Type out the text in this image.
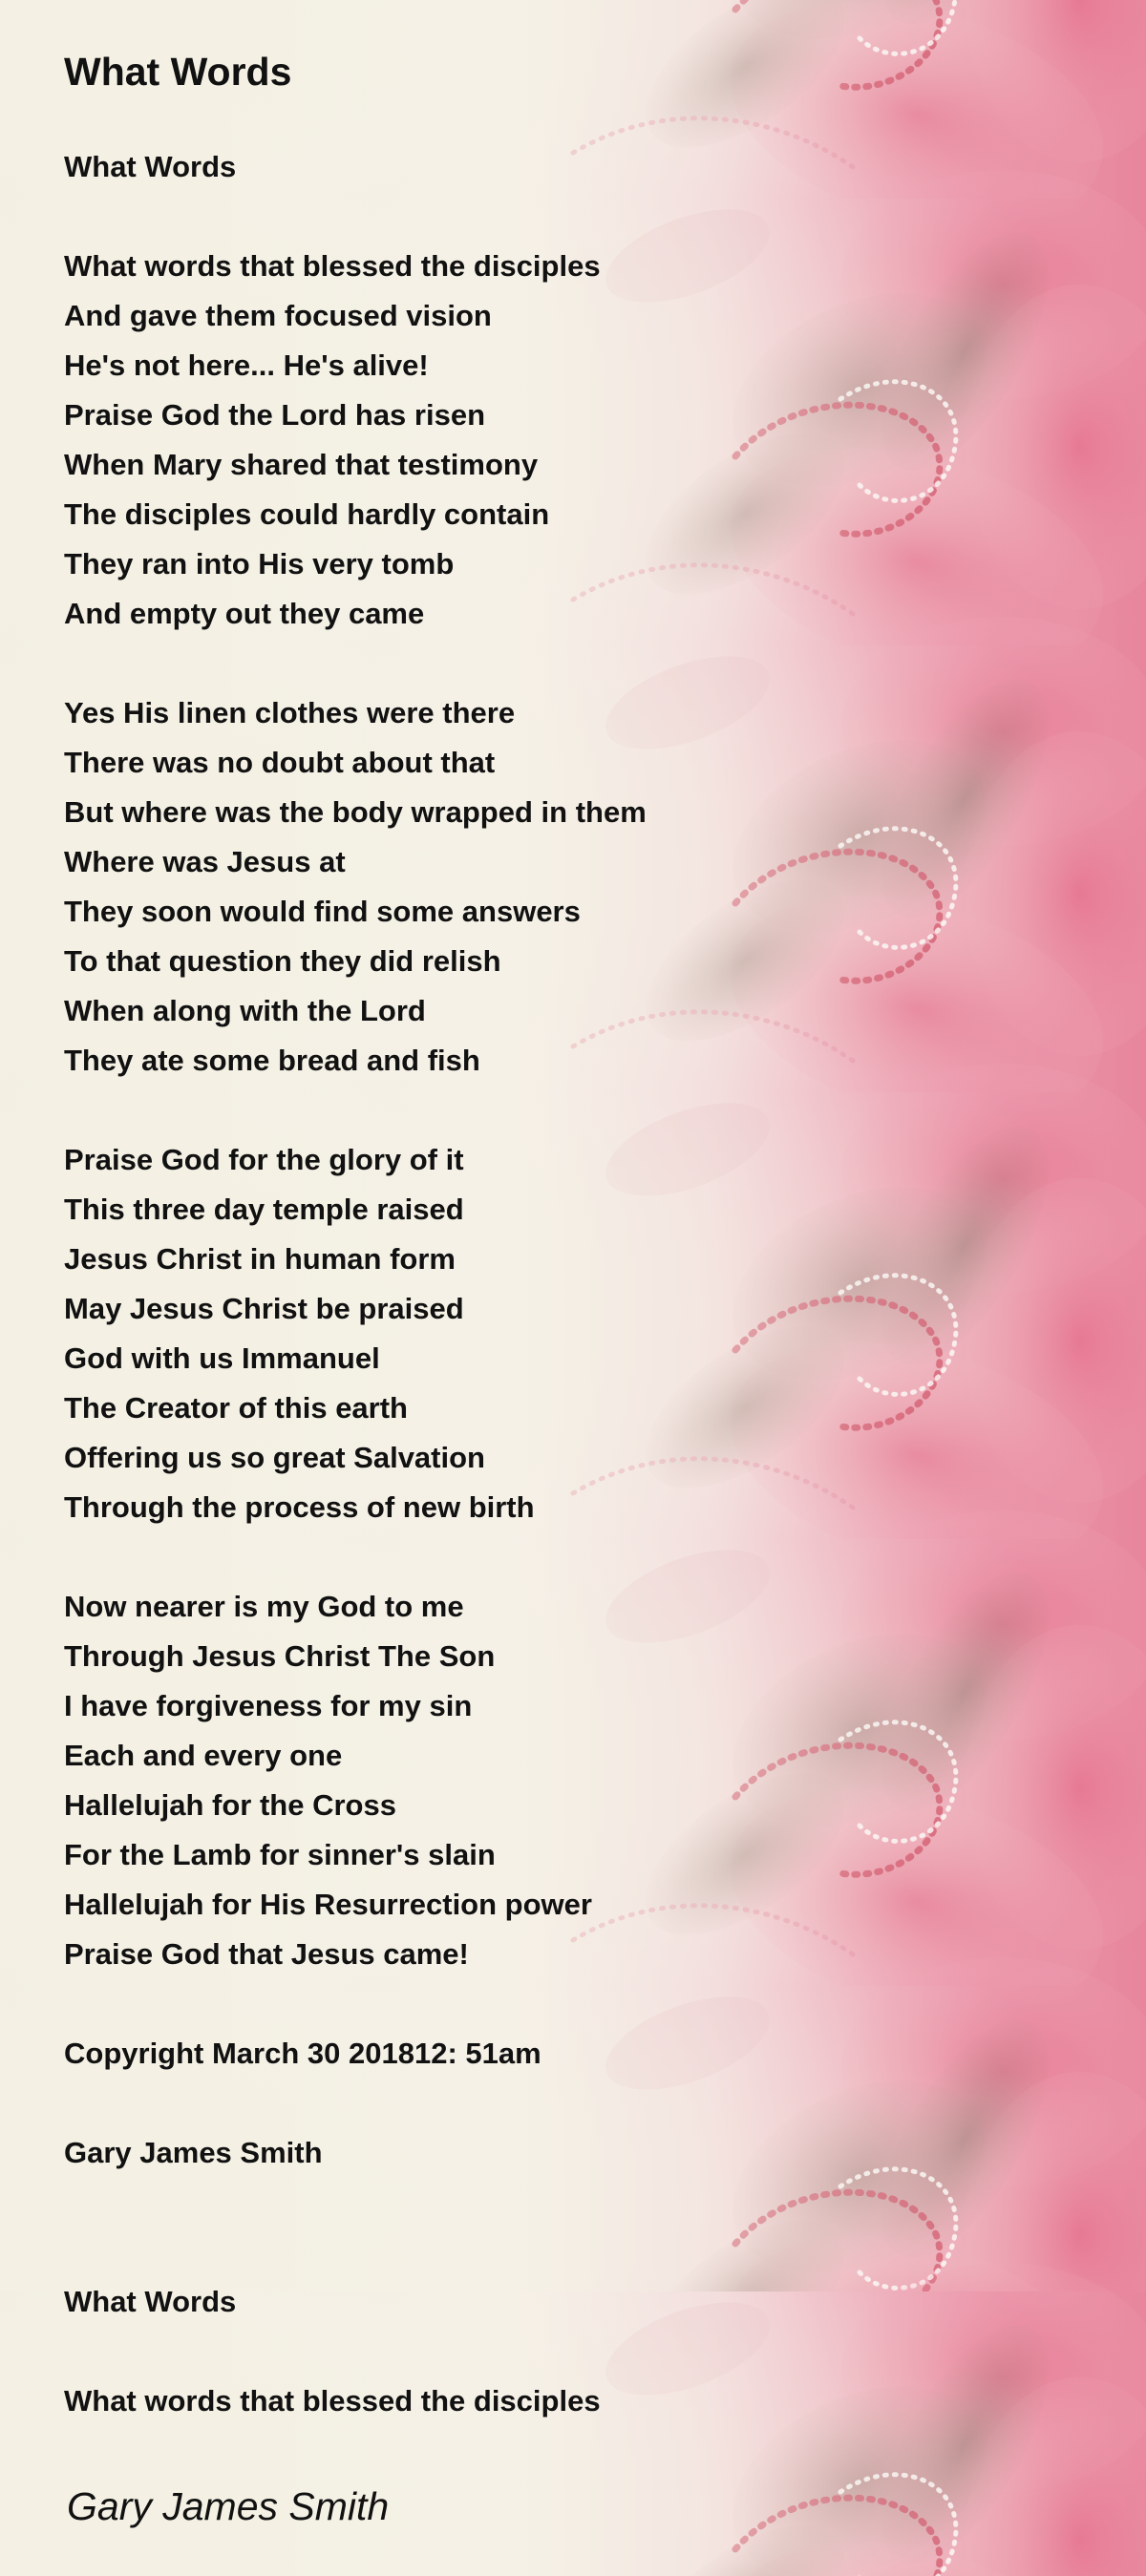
What Words

What Words

What words that blessed the disciples

And gave them focused vision

He's not here... He's alive!

Praise God the Lord has risen

When Mary shared that testimony

The disciples could hardly contain

They ran into His very tomb

And empty out they came

Yes His linen clothes were there

There was no doubt about that

But where was the body wrapped in them

Where was Jesus at

They soon would find some answers

To that question they did relish

When along with the Lord

They ate some bread and fish

Praise God for the glory of it

This three day temple raised

Jesus Christ in human form

May Jesus Christ be praised

God with us Immanuel

The Creator of this earth

Offering us so great Salvation

Through the process of new birth

Now nearer is my God to me

Through Jesus Christ The Son

I have forgiveness for my sin

Each and every one

Hallelujah for the Cross

For the Lamb for sinner's slain

Hallelujah for His Resurrection power

Praise God that Jesus came!

Copyright March 30 201812: 51am

Gary James Smith

What Words

What words that blessed the disciples

Gary James Smith
